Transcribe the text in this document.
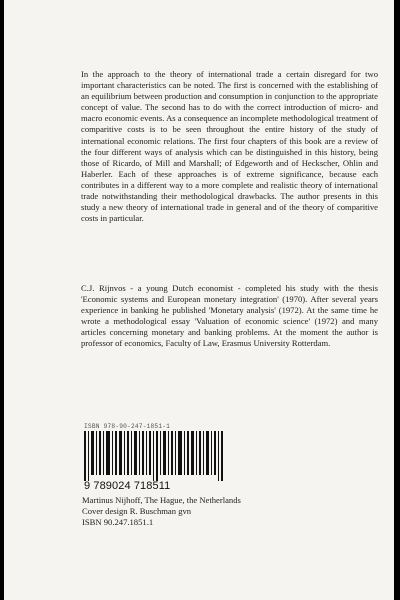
In the approach to the theory of international trade a certain disregard for two important characteristics can be noted. The first is concerned with the establishing of an equilibrium between production and consumption in conjunction to the appropriate concept of value. The second has to do with the correct introduction of micro- and macro economic events. As a consequence an incomplete methodological treatment of comparitive costs is to be seen throughout the entire history of the study of international economic relations. The first four chapters of this book are a review of the four different ways of analysis which can be distinguished in this history, being those of Ricardo, of Mill and Marshall; of Edgeworth and of Heckscher, Ohlin and Haberler. Each of these approaches is of extreme significance, because each contributes in a different way to a more complete and realistic theory of international trade notwithstanding their methodological drawbacks. The author presents in this study a new theory of international trade in general and of the theory of comparitive costs in particular.

C.J. Rijnvos - a young Dutch economist - completed his study with the thesis 'Economic systems and European monetary integration' (1970). After several years experience in banking he published 'Monetary analysis' (1972). At the same time he wrote a methodological essay 'Valuation of economic science' (1972) and many articles concerning monetary and banking problems. At the moment the author is professor of economics, Faculty of Law, Erasmus University Rotterdam.

ISBN 978-90-247-1851-1
9 789024 718511
Martinus Nijhoff, The Hague, the Netherlands
Cover design R. Buschman gvn
ISBN 90.247.1851.1
